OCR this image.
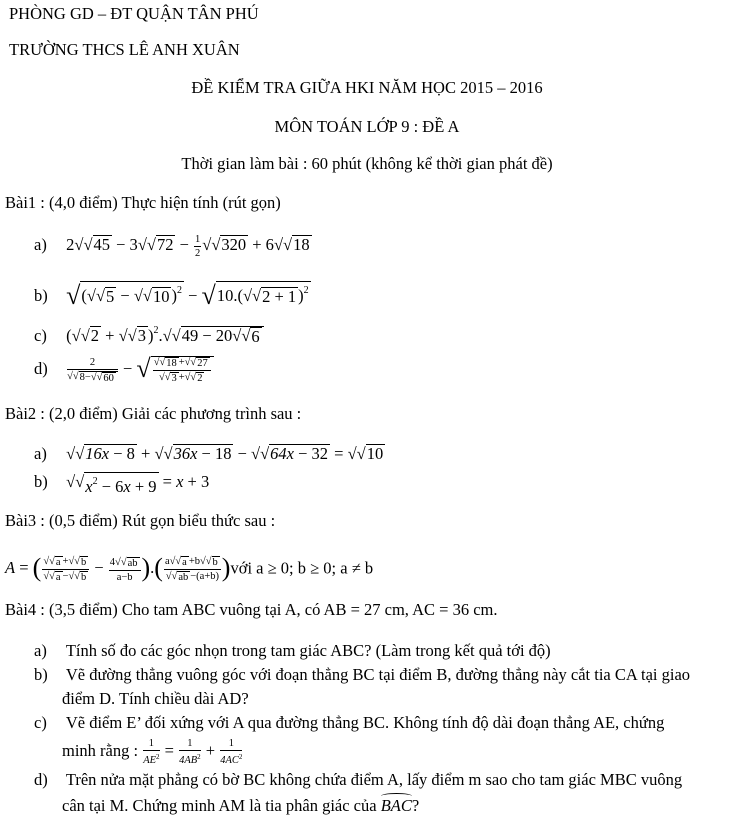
PHÒNG GD – ĐT QUẬN TÂN PHÚ
TRƯỜNG THCS LÊ ANH XUÂN
ĐỀ KIỂM TRA GIỮA HKI NĂM HỌC 2015 – 2016
MÔN TOÁN LỚP 9 : ĐỀ A
Thời gian làm bài : 60 phút (không kể thời gian phát đề)
Bài1 : (4,0 điểm) Thực hiện tính (rút gọn)
a) 2 √ √ 45 − 3 √ √ $72 - \frac{1}{2}$ √ √ 320 + 6 √ √ 18
b) √( √ √ 5 − √ √ 10 )$^2$ − √10.( √ √ 2 + 1 )$^2$
c) ( √ √ 2 + √ √ 3 )$^2$. √ √ 49 − 20 √ √ 6
d) 2
√ √ 8− √ √ 60 − √ √ √ 18 + √ √ 27
√ √ 3 + √ √ 2
Bài2 : (2,0 điểm) Giải các phương trình sau :
a) √ √ 16x − 8 + √ √ 36x − 18 − √ √ 64x − 32 = √ √ 10
b) √ √ $x^2 - 6x + 9 = x + 3$
Bài3 : (0,5 điểm) Rút gọn biểu thức sau :
A = ( √ √ a + √ √ b
√ √ a − √ √ $b - \frac{4 √ √ ab}{a-b}$ ).( a √ √ a +b √ √ b
√ √ ab −(a+b) )với a ≥ 0; b ≥ 0; a ≠ b
Bài4 : (3,5 điểm) Cho tam ABC vuông tại A, có AB = 27 cm, AC = 36 cm.
a) Tính số đo các góc nhọn trong tam giác ABC? (Làm trong kết quả tới độ)
b) Vẽ đường thẳng vuông góc với đoạn thẳng BC tại điểm B, đường thẳng này cắt tia CA tại giao
điểm D. Tính chiều dài AD?
c) Vẽ điểm E’ đối xứng với A qua đường thẳng BC. Không tính độ dài đoạn thẳng AE, chứng
minh rằng : $\frac{1}{AE^2} = \frac{1}{4AB^2} + \frac{1}{4AC^2}$
d) Trên nửa mặt phẳng có bờ BC không chứa điểm A, lấy điểm m sao cho tam giác MBC vuông
cân tại M. Chứng minh AM là tia phân giác của BAC?
